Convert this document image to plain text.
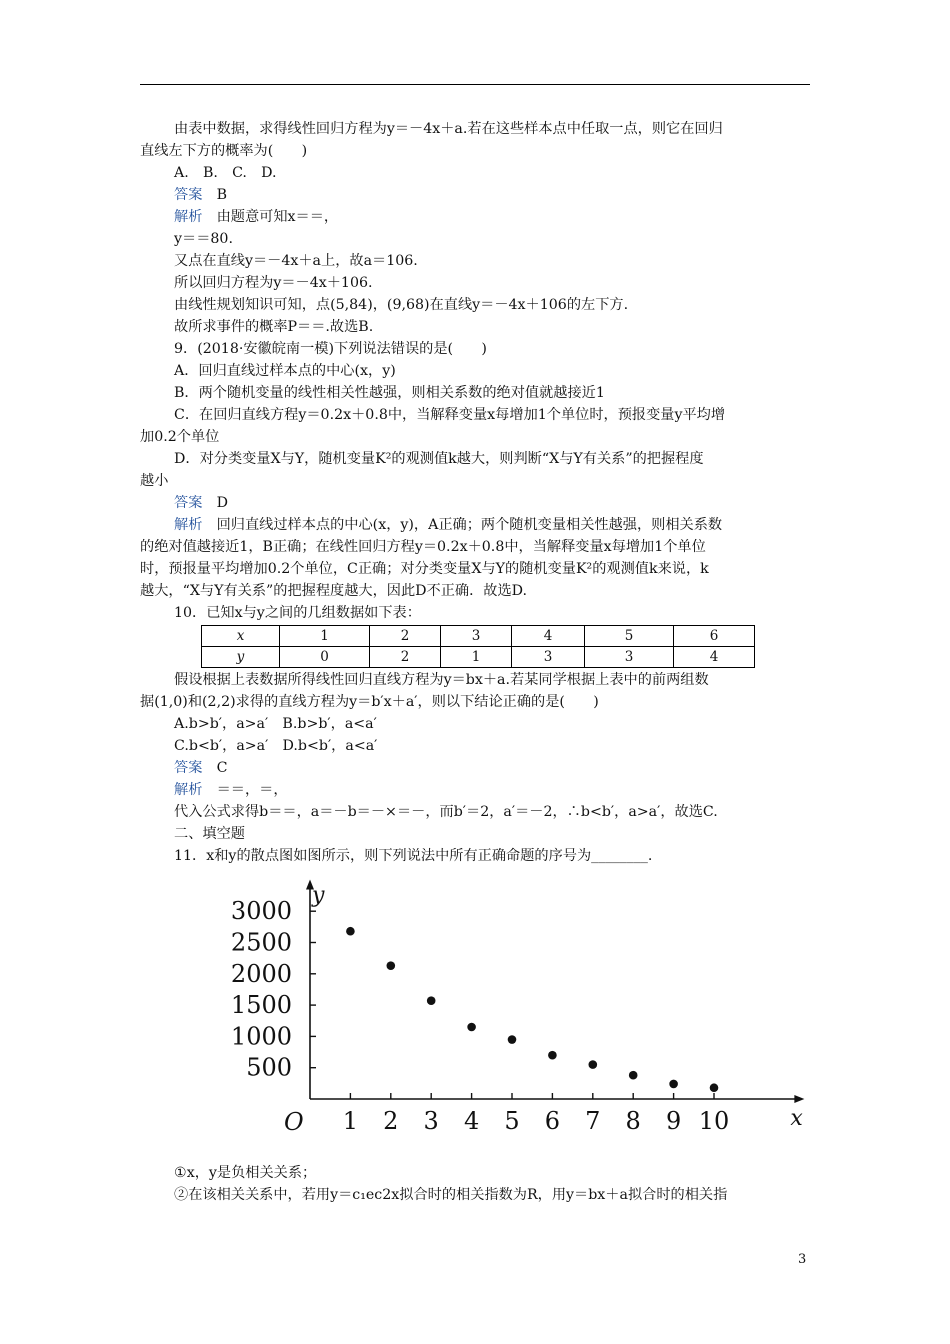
由表中数据，求得线性回归方程为y＝－4x＋a.若在这些样本点中任取一点，则它在回归

直线左下方的概率为(　　)

A.　B.　C.　D.

答案　 B

解析　 由题意可知x＝＝，

y＝＝80.

又点在直线y＝－4x＋a上，故a＝106.

所以回归方程为y＝－4x＋106.

由线性规划知识可知，点(5,84)，(9,68)在直线y＝－4x＋106的左下方.

故所求事件的概率P＝＝.故选B.

9．(2018·安徽皖南一模)下列说法错误的是(　　)

A．回归直线过样本点的中心(x，y)

B．两个随机变量的线性相关性越强，则相关系数的绝对值就越接近1

C．在回归直线方程y＝0.2x＋0.8中，当解释变量x每增加1个单位时，预报变量y平均增

加0.2个单位

D．对分类变量X与Y，随机变量K²的观测值k越大，则判断“X与Y有关系”的把握程度

越小

答案　 D

解析　 回归直线过样本点的中心(x，y)，A正确；两个随机变量相关性越强，则相关系数

的绝对值越接近1，B正确；在线性回归方程y＝0.2x＋0.8中，当解释变量x每增加1个单位

时，预报量平均增加0.2个单位，C正确；对分类变量X与Y的随机变量K²的观测值k来说，k

越大，“X与Y有关系”的把握程度越大，因此D不正确．故选D.

10．已知x与y之间的几组数据如下表：

x	1	2	3	4	5	6
y	0	2	1	3	3	4

假设根据上表数据所得线性回归直线方程为y＝bx＋a.若某同学根据上表中的前两组数

据(1,0)和(2,2)求得的直线方程为y＝b′x＋a′，则以下结论正确的是(　　)

A.b>b′，a>a′　B.b>b′，a<a′

C.b<b′，a>a′　D.b<b′，a<a′

答案　 C

解析　 ＝＝，＝，

代入公式求得b＝＝，a＝－b＝－×＝－，而b′＝2，a′＝－2，∴b<b′，a>a′，故选C.

二、填空题

11．x和y的散点图如图所示，则下列说法中所有正确命题的序号为________.

x
y
O 1 2 3 4 5 6 7 8 9 10
500
1000
1500
2000
2500
3000

①x，y是负相关关系；

②在该相关关系中，若用y＝c₁ec2x拟合时的相关指数为R，用y＝bx＋a拟合时的相关指

3
